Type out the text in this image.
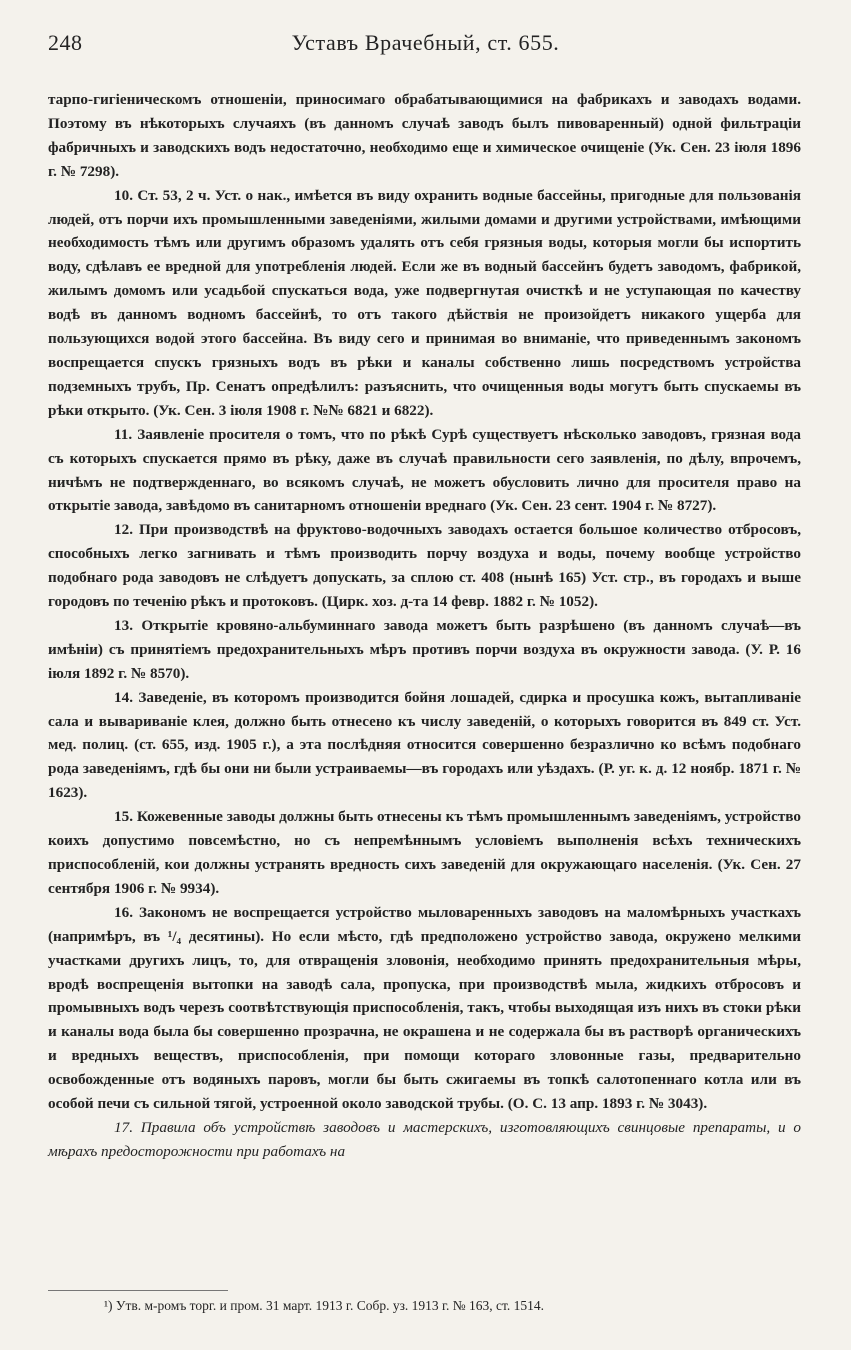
248	Уставъ Врачебный, ст. 655.

тарпо-гигіеническомъ отношеніи, приносимаго обрабатывающимися на фабрикахъ и заводахъ водами. Поэтому въ нѣкоторыхъ случаяхъ (въ данномъ случаѣ заводъ былъ пивоваренный) одной фильтраціи фабричныхъ и заводскихъ водъ недостаточно, необходимо еще и химическое очищеніе (Ук. Сен. 23 іюля 1896 г. № 7298).

10. Ст. 53, 2 ч. Уст. о нак., имѣется въ виду охранить водные бассейны, пригодные для пользованія людей, отъ порчи ихъ промышленными заведеніями, жилыми домами и другими устройствами, имѣющими необходимость тѣмъ или другимъ образомъ удалять отъ себя грязныя воды, которыя могли бы испортить воду, сдѣлавъ ее вредной для употребленія людей. Если же въ водный бассейнъ будетъ заводомъ, фабрикой, жилымъ домомъ или усадьбой спускаться вода, уже подвергнутая очисткѣ и не уступающая по качеству водѣ въ данномъ водномъ бассейнѣ, то отъ такого дѣйствія не произойдетъ никакого ущерба для пользующихся водой этого бассейна. Въ виду сего и принимая во вниманіе, что приведеннымъ закономъ воспрещается спускъ грязныхъ водъ въ рѣки и каналы собственно лишь посредствомъ устройства подземныхъ трубъ, Пр. Сенатъ опредѣлилъ: разъяснить, что очищенныя воды могутъ быть спускаемы въ рѣки открыто. (Ук. Сен. 3 іюля 1908 г. №№ 6821 и 6822).

11. Заявленіе просителя о томъ, что по рѣкѣ Сурѣ существуетъ нѣсколько заводовъ, грязная вода съ которыхъ спускается прямо въ рѣку, даже въ случаѣ правильности сего заявленія, по дѣлу, впрочемъ, ничѣмъ не подтвержденнаго, во всякомъ случаѣ, не можетъ обусловить лично для просителя право на открытіе завода, завѣдомо въ санитарномъ отношеніи вреднаго (Ук. Сен. 23 сент. 1904 г. № 8727).

12. При производствѣ на фруктово-водочныхъ заводахъ остается большое количество отбросовъ, способныхъ легко загнивать и тѣмъ производить порчу воздуха и воды, почему вообще устройство подобнаго рода заводовъ не слѣдуетъ допускать, за сплою ст. 408 (нынѣ 165) Уст. стр., въ городахъ и выше городовъ по теченію рѣкъ и протоковъ. (Цирк. хоз. д-та 14 февр. 1882 г. № 1052).

13. Открытіе кровяно-альбуминнаго завода можетъ быть разрѣшено (въ данномъ случаѣ—въ имѣніи) съ принятіемъ предохранительныхъ мѣръ противъ порчи воздуха въ окружности завода. (У. Р. 16 іюля 1892 г. № 8570).

14. Заведеніе, въ которомъ производится бойня лошадей, сдирка и просушка кожъ, вытапливаніе сала и вывариваніе клея, должно быть отнесено къ числу заведеній, о которыхъ говорится въ 849 ст. Уст. мед. полиц. (ст. 655, изд. 1905 г.), а эта послѣдняя относится совершенно безразлично ко всѣмъ подобнаго рода заведеніямъ, гдѣ бы они ни были устраиваемы—въ городахъ или уѣздахъ. (Р. уг. к. д. 12 ноябр. 1871 г. № 1623).

15. Кожевенные заводы должны быть отнесены къ тѣмъ промышленнымъ заведеніямъ, устройство коихъ допустимо повсемѣстно, но съ непремѣннымъ условіемъ выполненія всѣхъ техническихъ приспособленій, кои должны устранять вредность сихъ заведеній для окружающаго населенія. (Ук. Сен. 27 сентября 1906 г. № 9934).

16. Закономъ не воспрещается устройство мыловаренныхъ заводовъ на маломѣрныхъ участкахъ (напримѣръ, въ ¹/₄ десятины). Но если мѣсто, гдѣ предположено устройство завода, окружено мелкими участками другихъ лицъ, то, для отвращенія зловонія, необходимо принять предохранительныя мѣры, вродѣ воспрещенія вытопки на заводѣ сала, пропуска, при производствѣ мыла, жидкихъ отбросовъ и промывныхъ водъ черезъ соотвѣтствующія приспособленія, такъ, чтобы выходящая изъ нихъ въ стоки рѣки и каналы вода была бы совершенно прозрачна, не окрашена и не содержала бы въ растворѣ органическихъ и вредныхъ веществъ, приспособленія, при помощи котораго зловонные газы, предварительно освобожденные отъ водяныхъ паровъ, могли бы быть сжигаемы въ топкѣ салотопеннаго котла или въ особой печи съ сильной тягой, устроенной около заводской трубы. (О. С. 13 апр. 1893 г. № 3043).

17. Правила объ устройствѣ заводовъ и мастерскихъ, изготовляющихъ свинцовые препараты, и о мѣрахъ предосторожности при работахъ на

¹) Утв. м-ромъ торг. и пром. 31 март. 1913 г. Собр. уз. 1913 г. № 163, ст. 1514.
